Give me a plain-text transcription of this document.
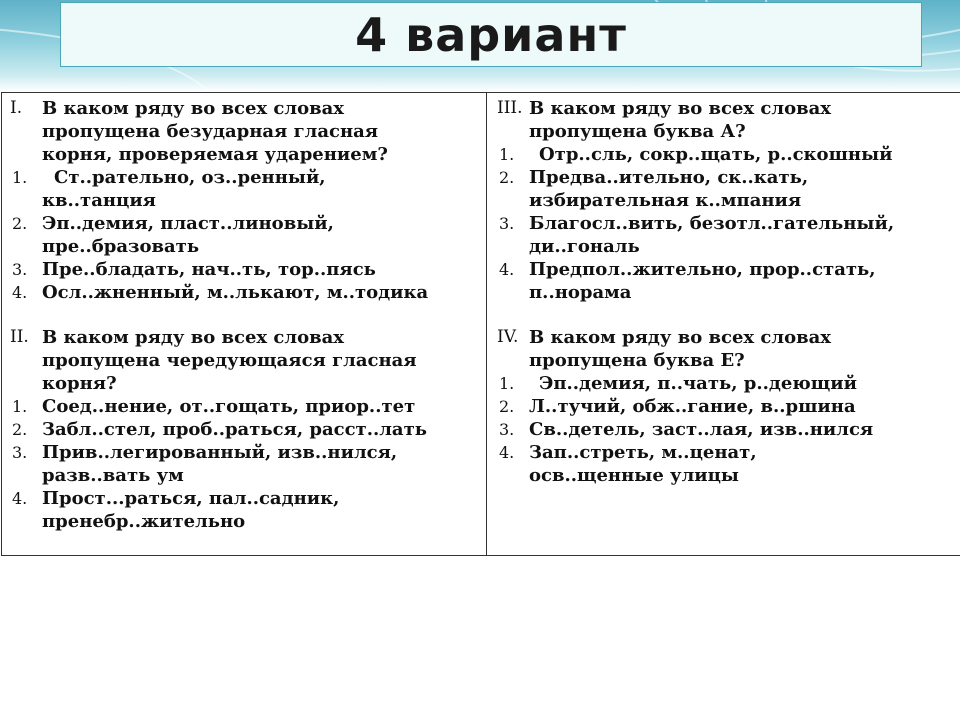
4 вариант
I.	В каком ряду во всех словах
пропущена безударная гласная
корня, проверяемая ударением?
1.	Ст..рательно, оз..ренный,
кв..танция
2. Эп..демия, пласт..линовый,
пре..бразовать
3. Пре..бладать, нач..ть, тор..пясь
4. Осл..жненный, м..лькают, м..тодика
II. В каком ряду во всех словах
пропущена чередующаяся гласная
корня?
1. Соед..нение, от..гощать, приор..тет
2. Забл..стел, проб..раться, расст..лать
3. Прив..легированный, изв..нился,
разв..вать ум
4. Прост...раться, пал..садник,
пренебр..жительно
III. В каком ряду во всех словах
пропущена буква А?
1.	Отр..сль, сокр..щать, р..скошный
2. Предва..ительно, ск..кать,
избирательная к..мпания
3. Благосл..вить, безотл..гательный,
ди..гональ
4. Предпол..жительно, прор..стать,
п..норама
IV. В каком ряду во всех словах
пропущена буква Е?
1.	Эп..демия, п..чать, р..деющий
2. Л..тучий, обж..гание, в..ршина
3. Св..детель, заст..лая, изв..нился
4. Зап..стреть, м..ценат,
осв..щенные улицы
